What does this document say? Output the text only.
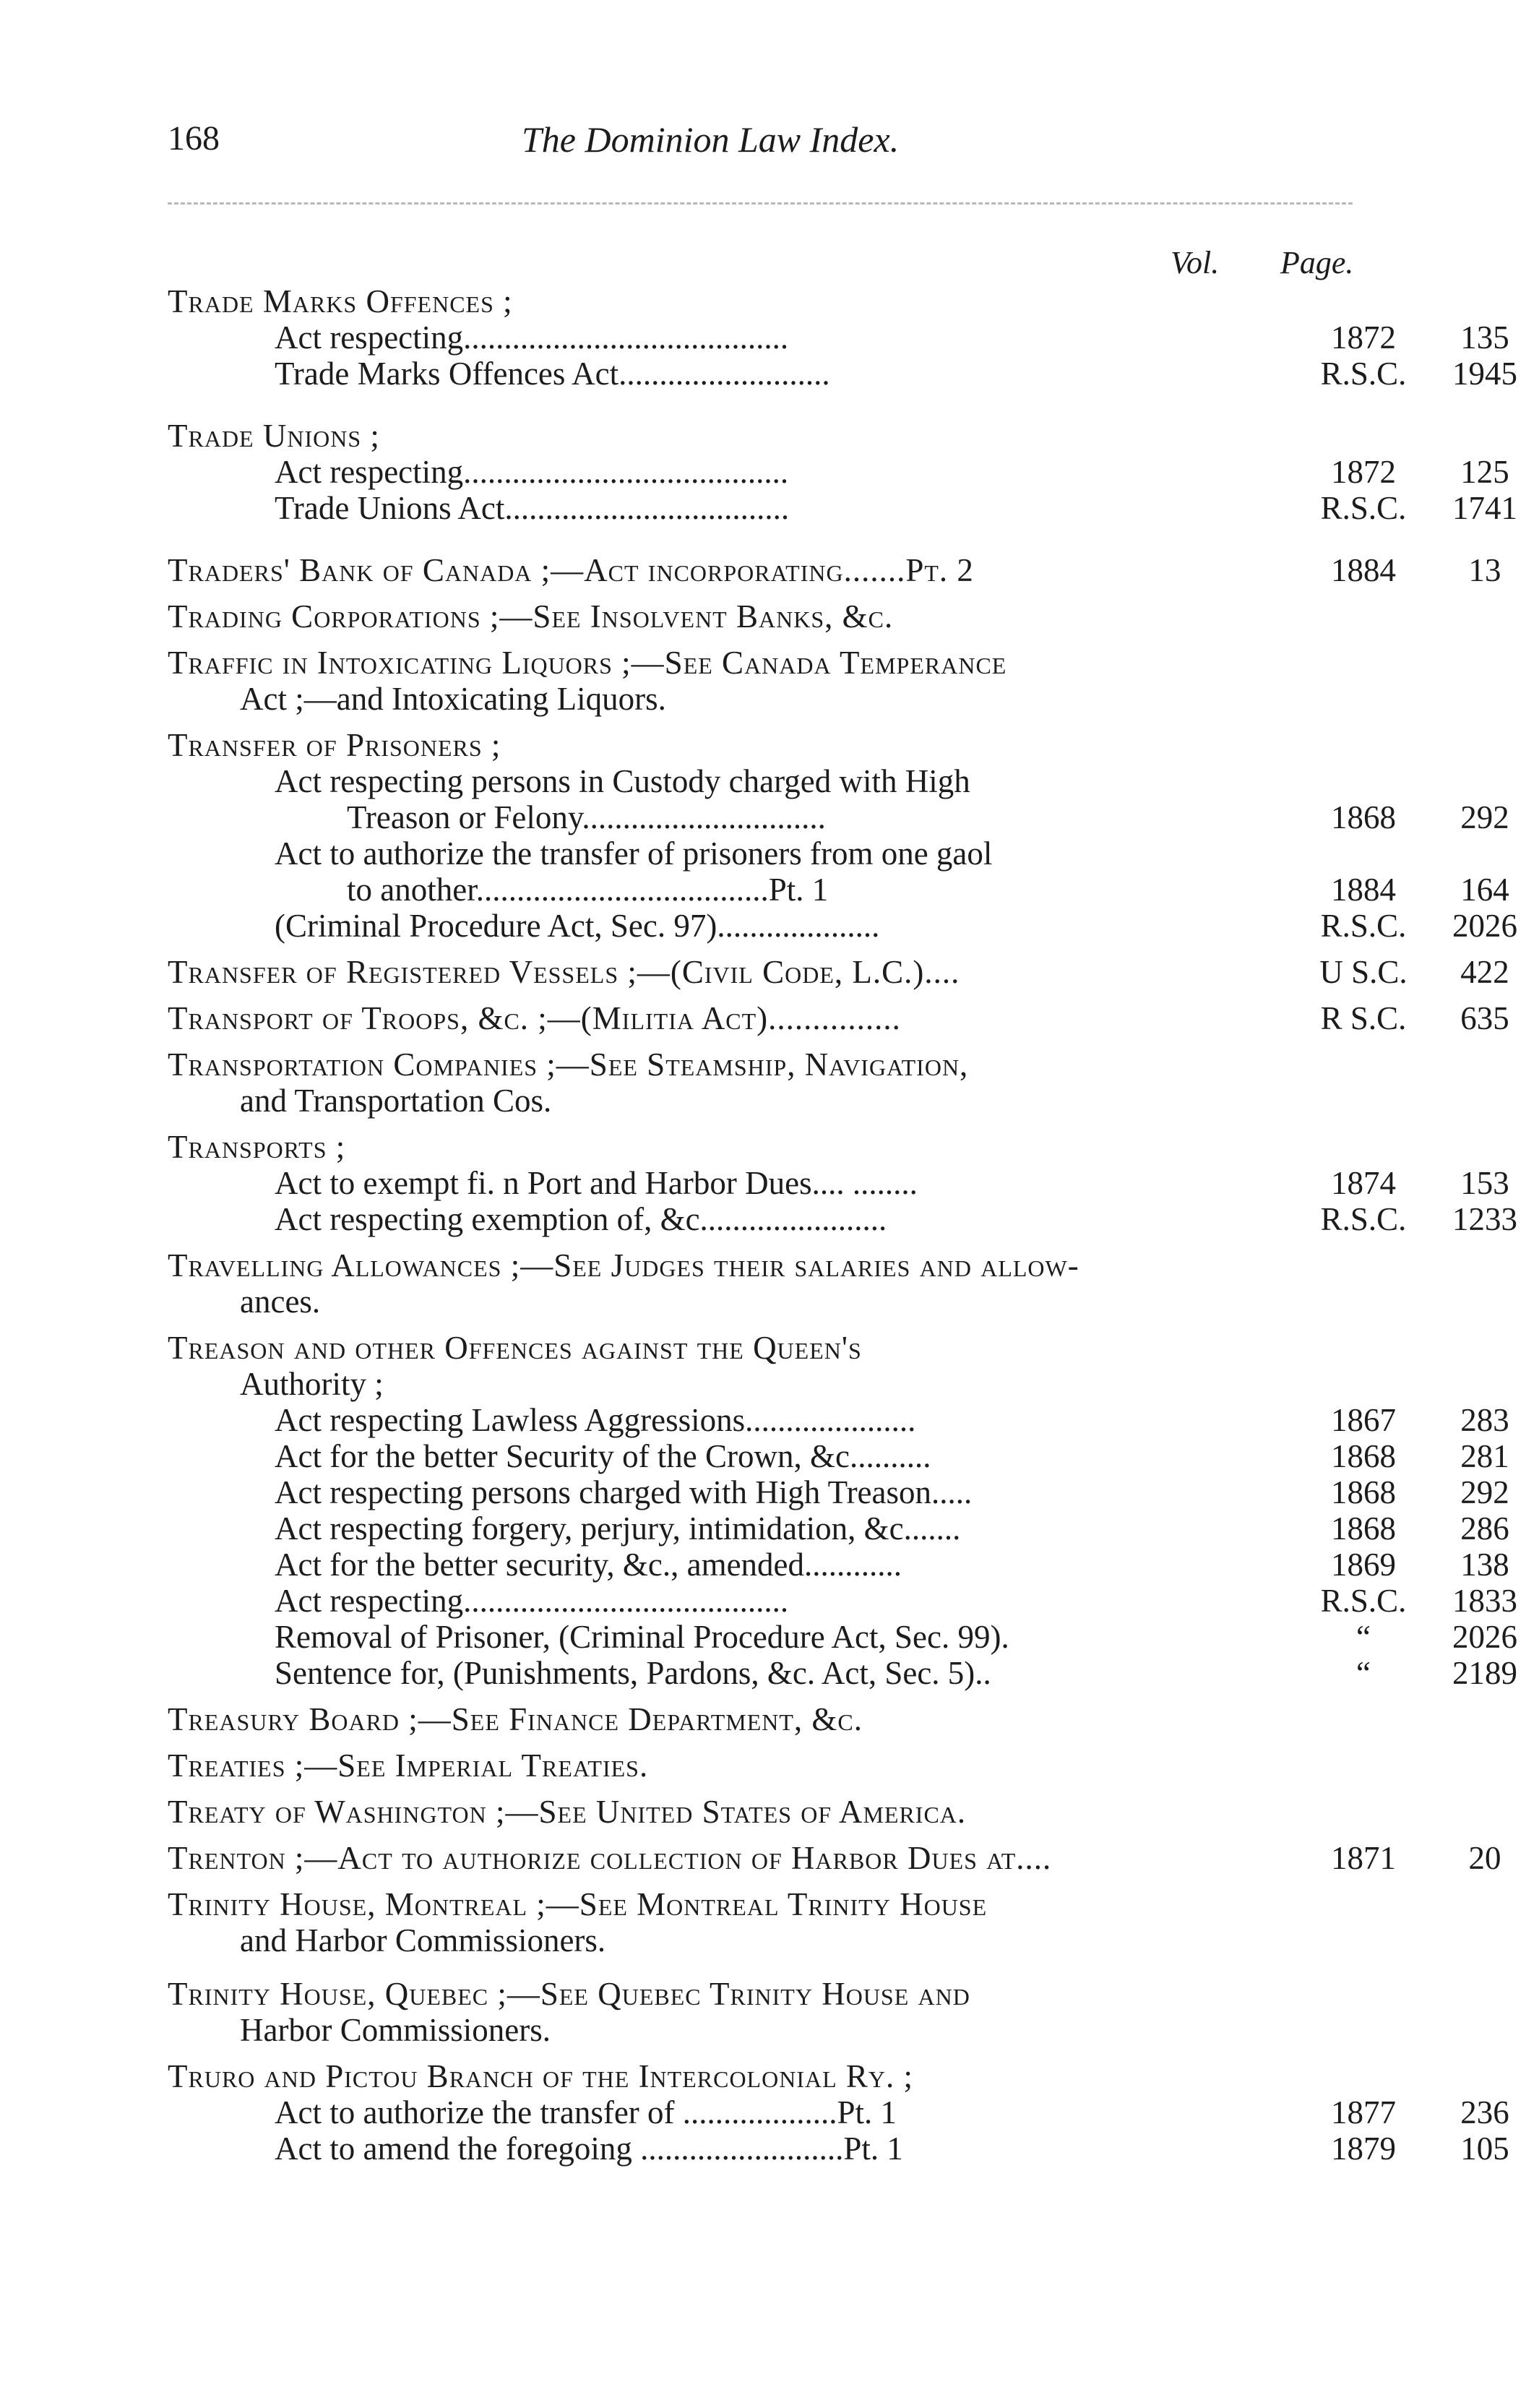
168	The Dominion Law Index.
Vol. Page.
Trade Marks Offences ;
Act respecting........................................	1872	135
Trade Marks Offences Act..........................	R.S.C.	1945
Trade Unions ;
Act respecting........................................	1872	125
Trade Unions Act...................................	R.S.C.	1741
Traders' Bank of Canada ;—Act incorporating.......Pt. 2	1884	13
Trading Corporations ;—See Insolvent Banks, &c.
Traffic in Intoxicating Liquors ;—See Canada Temperance
Act ;—and Intoxicating Liquors.
Transfer of Prisoners ;
Act respecting persons in Custody charged with High
Treason or Felony..............................	1868	292
Act to authorize the transfer of prisoners from one gaol
to another....................................Pt. 1	1884	164
(Criminal Procedure Act, Sec. 97)....................	R.S.C.	2026
Transfer of Registered Vessels ;—(Civil Code, L.C.)....	U S.C.	422
Transport of Troops, &c. ;—(Militia Act)...............	R S.C.	635
Transportation Companies ;—See Steamship, Navigation,
and Transportation Cos.
Transports ;
Act to exempt fi. n Port and Harbor Dues.... ........	1874	153
Act respecting exemption of, &c.......................	R.S.C.	1233
Travelling Allowances ;—See Judges their salaries and allow-
ances.
Treason and other Offences against the Queen's
Authority ;
Act respecting Lawless Aggressions.....................	1867	283
Act for the better Security of the Crown, &c..........	1868	281
Act respecting persons charged with High Treason.....	1868	292
Act respecting forgery, perjury, intimidation, &c.......	1868	286
Act for the better security, &c., amended............	1869	138
Act respecting........................................	R.S.C.	1833
Removal of Prisoner, (Criminal Procedure Act, Sec. 99).	“	2026
Sentence for, (Punishments, Pardons, &c. Act, Sec. 5)..	“	2189
Treasury Board ;—See Finance Department, &c.
Treaties ;—See Imperial Treaties.
Treaty of Washington ;—See United States of America.
Trenton ;—Act to authorize collection of Harbor Dues at....	1871	20
Trinity House, Montreal ;—See Montreal Trinity House
and Harbor Commissioners.
Trinity House, Quebec ;—See Quebec Trinity House and
Harbor Commissioners.
Truro and Pictou Branch of the Intercolonial Ry. ;
Act to authorize the transfer of ...................Pt. 1	1877	236
Act to amend the foregoing .........................Pt. 1	1879	105
